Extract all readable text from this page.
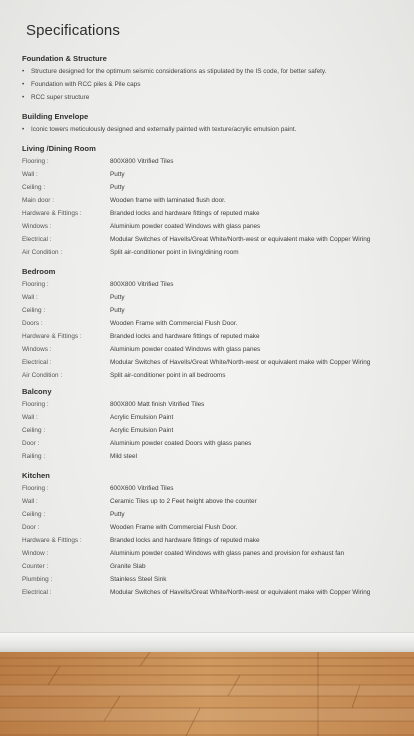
Specifications
Foundation & Structure
• Structure designed for the optimum seismic considerations as stipulated by the IS code, for better safety.
• Foundation with RCC piles & Pile caps
• RCC super structure
Building Envelope
• Iconic towers meticulously designed and externally painted with texture/acrylic emulsion paint.
Living /Dining Room
Flooring :	800X800 Vitrified Tiles
Wall :	Putty
Ceiling :	Putty
Main door :	Wooden frame with laminated flush door.
Hardware & Fittings :	Branded locks and hardware fittings of reputed make
Windows :	Aluminium powder coated Windows with glass panes
Electrical :	Modular Switches of Havells/Great White/North-west or equivalent make with Copper Wiring
Air Condition :	Split air-conditioner point in living/dining room
Bedroom
Flooring :	800X800 Vitrified Tiles
Wall :	Putty
Ceiling :	Putty
Doors :	Wooden Frame with Commercial Flush Door.
Hardware & Fittings :	Branded locks and hardware fittings of reputed make
Windows :	Aluminium powder coated Windows with glass panes
Electrical :	Modular Switches of Havells/Great White/North-west or equivalent make with Copper Wiring
Air Condition :	Split air-conditioner point in all bedrooms
Balcony
Flooring :	800X800 Matt finish Vitrified Tiles
Wall :	Acrylic Emulsion Paint
Ceiling :	Acrylic Emulsion Paint
Door :	Aluminium powder coated Doors with glass panes
Railing :	Mild steel
Kitchen
Flooring :	600X600 Vitrified Tiles
Wall :	Ceramic Tiles up to 2 Feet height above the counter
Ceiling :	Putty
Door :	Wooden Frame with Commercial Flush Door.
Hardware & Fittings :	Branded locks and hardware fittings of reputed make
Window :	Aluminium powder coated Windows with glass panes and provision for exhaust fan
Counter :	Granite Slab
Plumbing :	Stainless Steel Sink
Electrical :	Modular Switches of Havells/Great White/North-west or equivalent make with Copper Wiring
